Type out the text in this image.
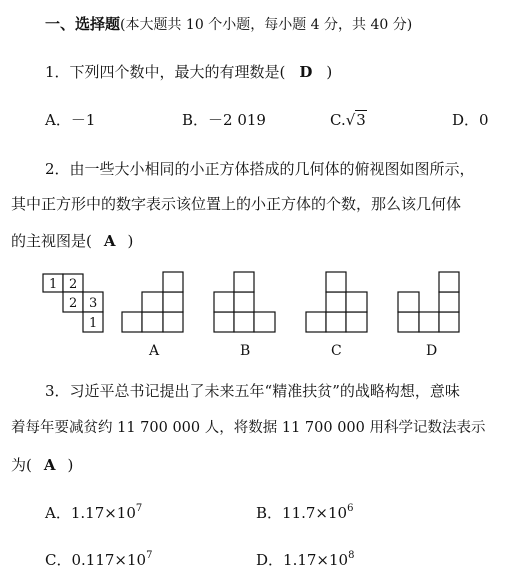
一、选择题(本大题共 10 个小题，每小题 4 分，共 40 分)
1．下列四个数中，最大的有理数是( D )
A．－1	B．－2 019	C.√3	D．0
2．由一些大小相同的小正方体搭成的几何体的俯视图如图所示，
其中正方形中的数字表示该位置上的小正方体的个数，那么该几何体
的主视图是( A )
1 2
2 3
1
A	B	C	D
3．习近平总书记提出了未来五年“精准扶贫”的战略构想，意味
着每年要减贫约 11 700 000 人，将数据 11 700 000 用科学记数法表示
为( A )
A．$1.17\times 10^7$	B．$11.7\times 10^6$
C．$0.117\times 10^7$	D．$1.17\times 10^8$
